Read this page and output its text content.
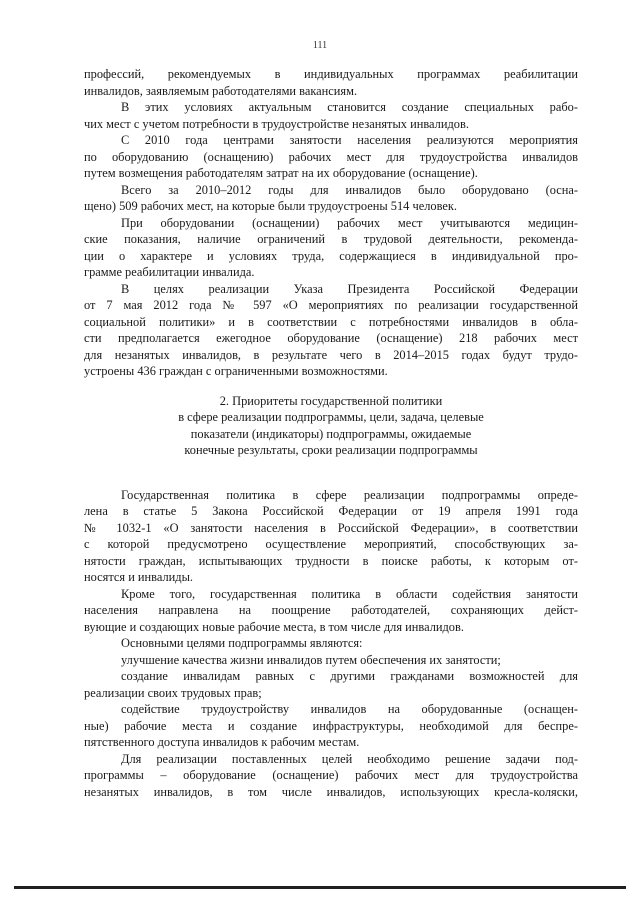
111
профессий, рекомендуемых в индивидуальных программах реабилитации
инвалидов, заявляемым работодателями вакансиям.
В этих условиях актуальным становится создание специальных рабо-
чих мест с учетом потребности в трудоустройстве незанятых инвалидов.
С 2010 года центрами занятости населения реализуются мероприятия
по оборудованию (оснащению) рабочих мест для трудоустройства инвалидов
путем возмещения работодателям затрат на их оборудование (оснащение).
Всего за 2010–2012 годы для инвалидов было оборудовано (осна-
щено) 509 рабочих мест, на которые были трудоустроены 514 человек.
При оборудовании (оснащении) рабочих мест учитываются медицин-
ские показания, наличие ограничений в трудовой деятельности, рекоменда-
ции о характере и условиях труда, содержащиеся в индивидуальной про-
грамме реабилитации инвалида.
В целях реализации Указа Президента Российской Федерации
от 7 мая 2012 года № 597 «О мероприятиях по реализации государственной
социальной политики» и в соответствии с потребностями инвалидов в обла-
сти предполагается ежегодное оборудование (оснащение) 218 рабочих мест
для незанятых инвалидов, в результате чего в 2014–2015 годах будут трудо-
устроены 436 граждан с ограниченными возможностями.
2. Приоритеты государственной политики
в сфере реализации подпрограммы, цели, задача, целевые
показатели (индикаторы) подпрограммы, ожидаемые
конечные результаты, сроки реализации подпрограммы
Государственная политика в сфере реализации подпрограммы опреде-
лена в статье 5 Закона Российской Федерации от 19 апреля 1991 года
№ 1032-1 «О занятости населения в Российской Федерации», в соответствии
с которой предусмотрено осуществление мероприятий, способствующих за-
нятости граждан, испытывающих трудности в поиске работы, к которым от-
носятся и инвалиды.
Кроме того, государственная политика в области содействия занятости
населения направлена на поощрение работодателей, сохраняющих дейст-
вующие и создающих новые рабочие места, в том числе для инвалидов.
Основными целями подпрограммы являются:
улучшение качества жизни инвалидов путем обеспечения их занятости;
создание инвалидам равных с другими гражданами возможностей для
реализации своих трудовых прав;
содействие трудоустройству инвалидов на оборудованные (оснащен-
ные) рабочие места и создание инфраструктуры, необходимой для беспре-
пятственного доступа инвалидов к рабочим местам.
Для реализации поставленных целей необходимо решение задачи под-
программы – оборудование (оснащение) рабочих мест для трудоустройства
незанятых инвалидов, в том числе инвалидов, использующих кресла-коляски,
